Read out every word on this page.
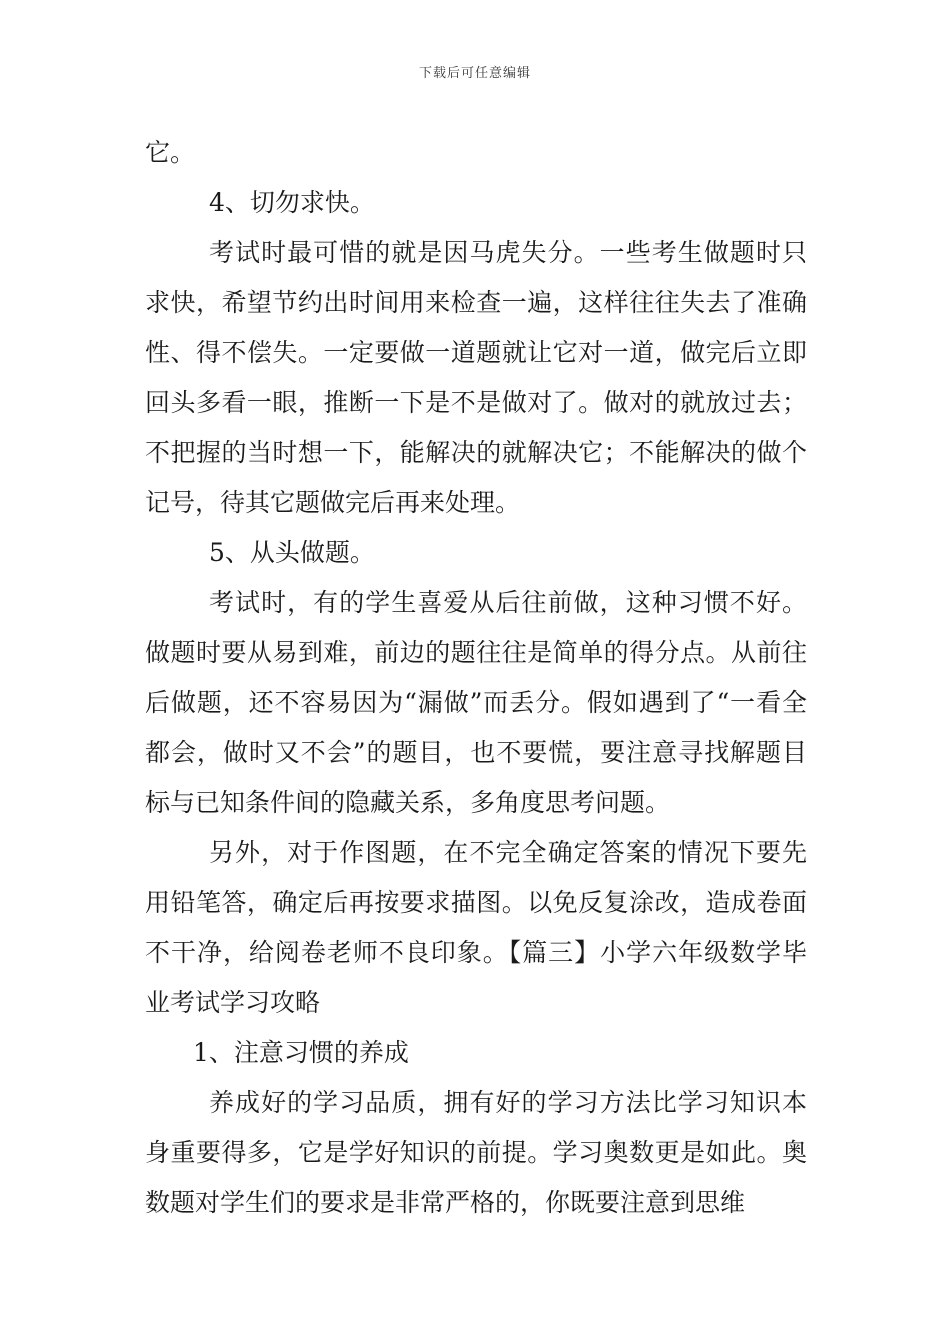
下载后可任意编辑

它。

4、切勿求快。

考试时最可惜的就是因马虎失分。一些考生做题时只求快，希望节约出时间用来检查一遍，这样往往失去了准确性、得不偿失。一定要做一道题就让它对一道，做完后立即回头多看一眼，推断一下是不是做对了。做对的就放过去；不把握的当时想一下，能解决的就解决它；不能解决的做个记号，待其它题做完后再来处理。

5、从头做题。

考试时，有的学生喜爱从后往前做，这种习惯不好。做题时要从易到难，前边的题往往是简单的得分点。从前往后做题，还不容易因为“漏做”而丢分。假如遇到了“一看全都会，做时又不会”的题目，也不要慌，要注意寻找解题目标与已知条件间的隐藏关系，多角度思考问题。

另外，对于作图题，在不完全确定答案的情况下要先用铅笔答，确定后再按要求描图。以免反复涂改，造成卷面不干净，给阅卷老师不良印象。【篇三】小学六年级数学毕业考试学习攻略

1、注意习惯的养成

养成好的学习品质，拥有好的学习方法比学习知识本身重要得多，它是学好知识的前提。学习奥数更是如此。奥数题对学生们的要求是非常严格的，你既要注意到思维
